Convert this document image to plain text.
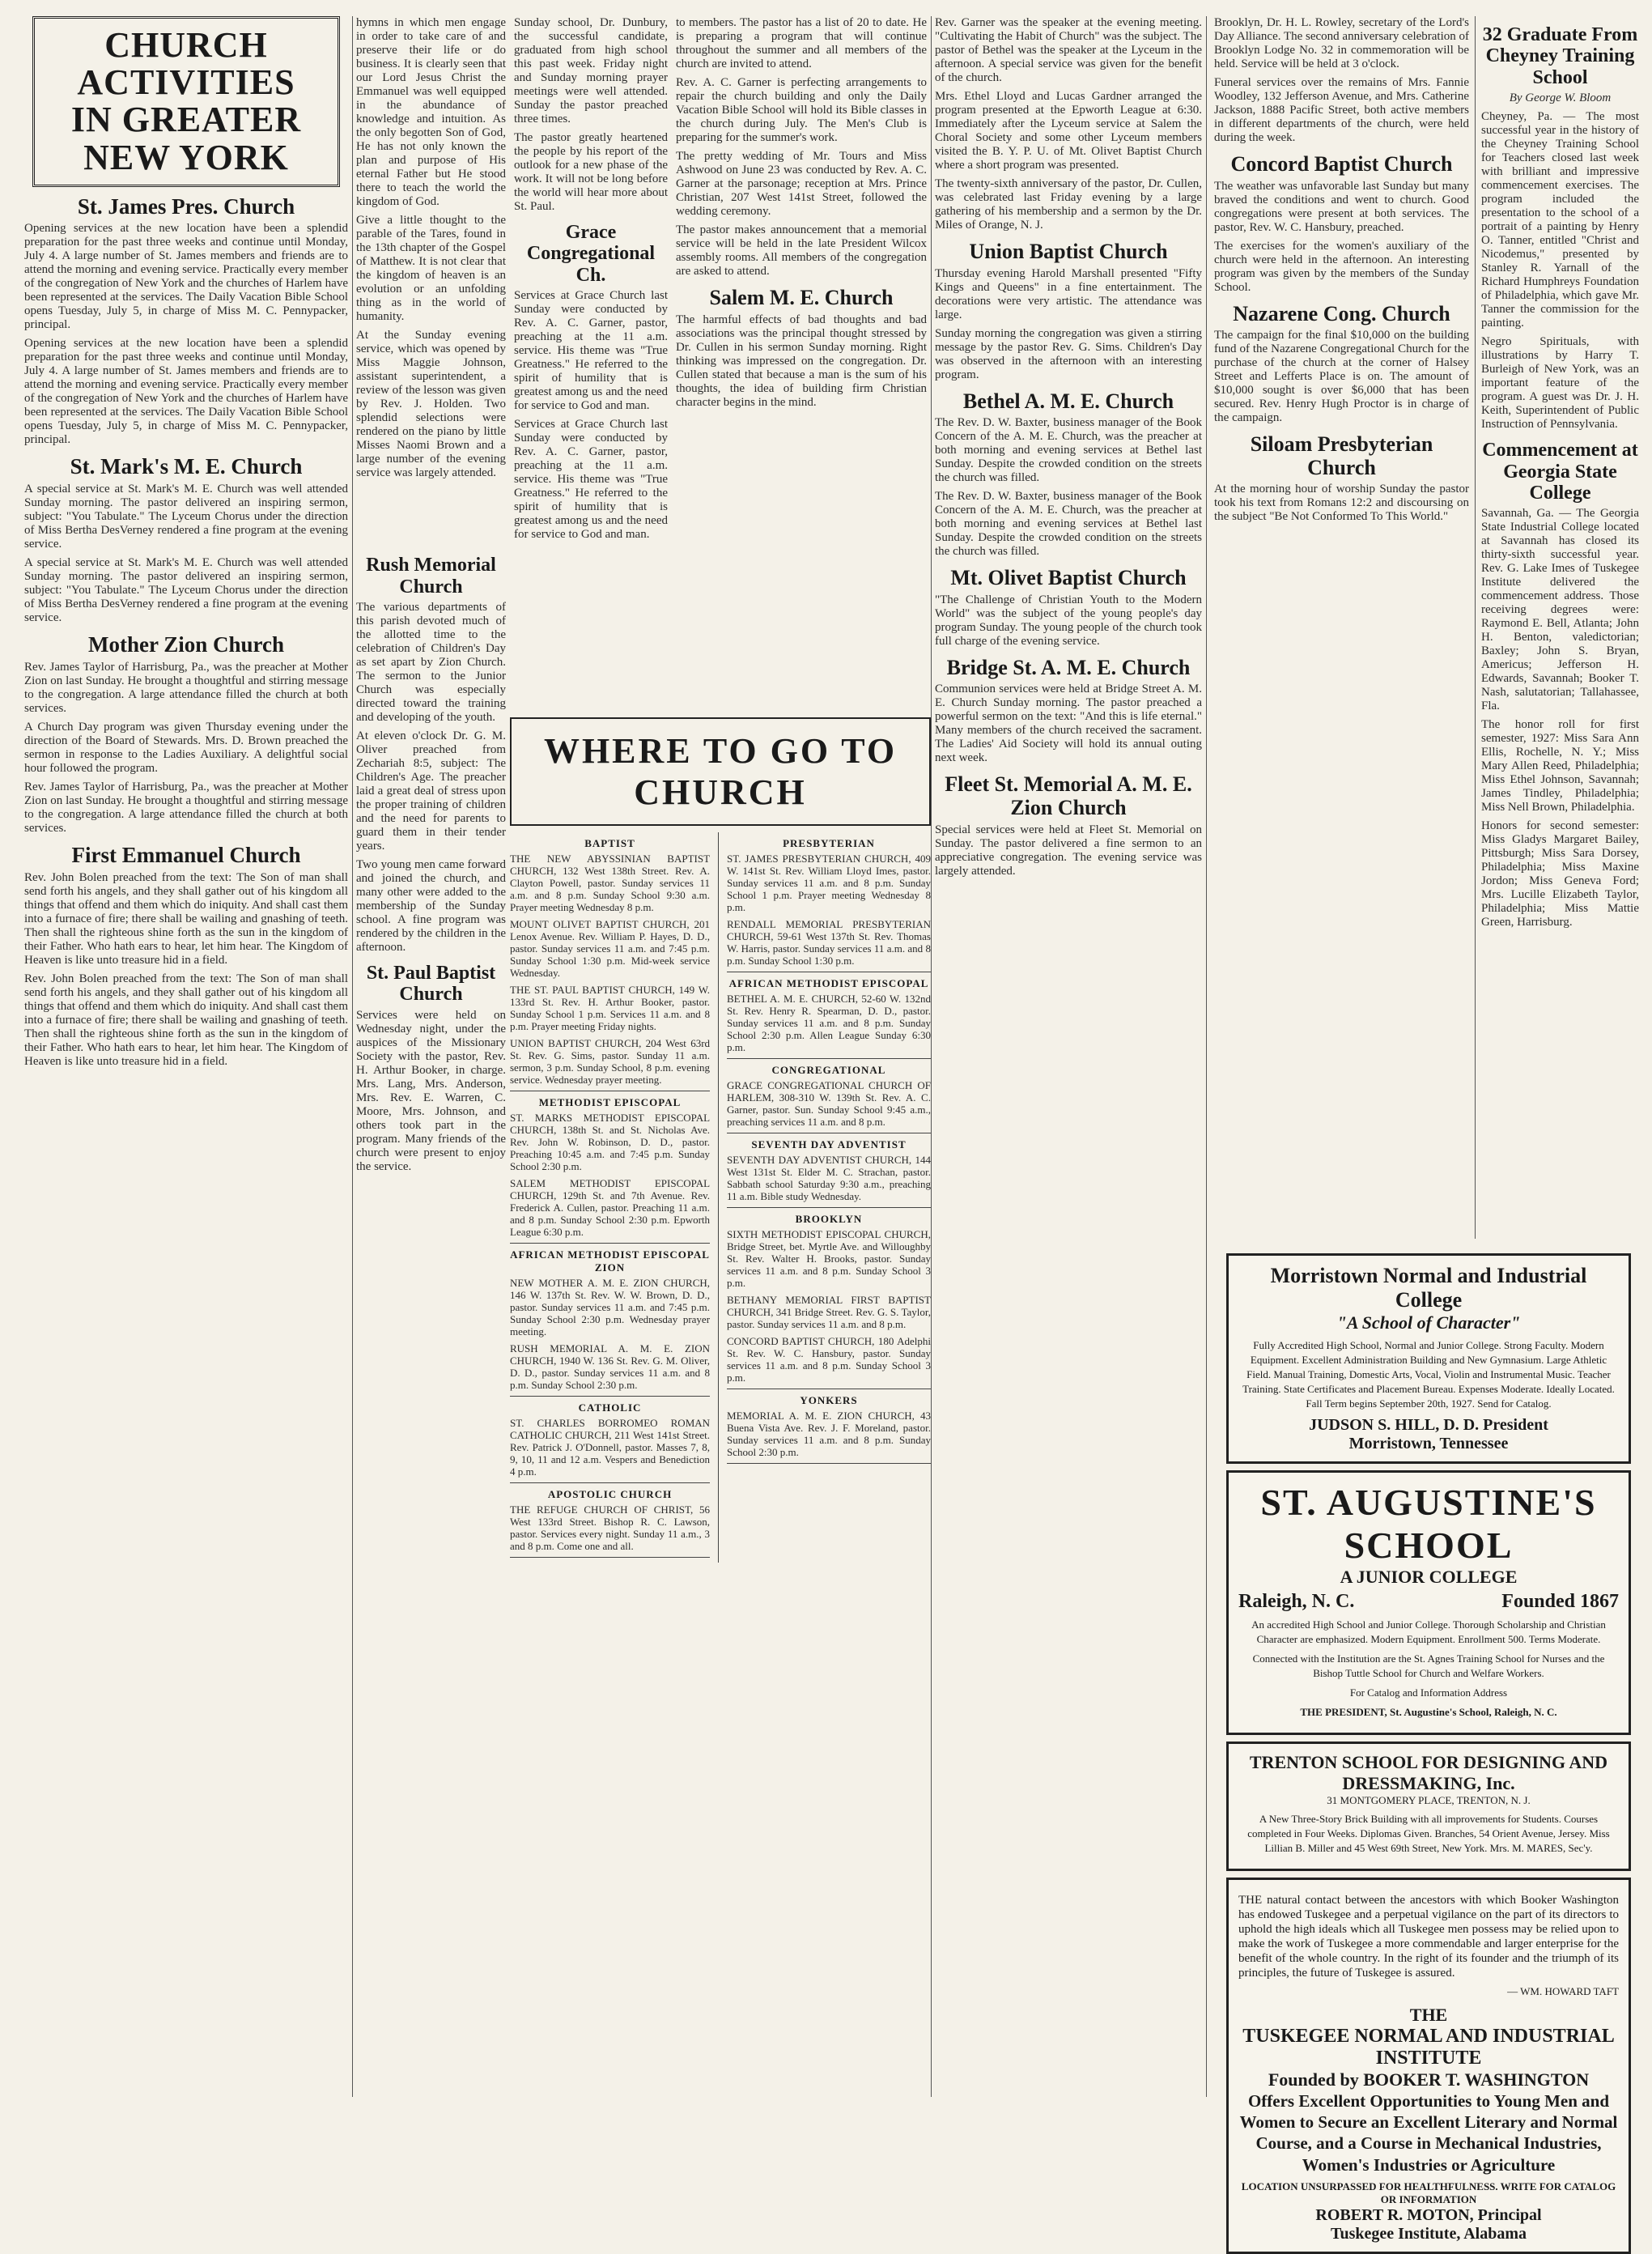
CHURCH ACTIVITIES
IN GREATER NEW YORK
St. James Pres. Church

Opening services at the new location have been a splendid preparation for the past three weeks and continue until Monday, July 4. A large number of St. James members and friends are to attend the morning and evening service. Practically every member of the congregation of New York and the churches of Harlem have been represented at the services. The Daily Vacation Bible School opens Tuesday, July 5, in charge of Miss M. C. Pennypacker, principal.

Opening services at the new location have been a splendid preparation for the past three weeks and continue until Monday, July 4. A large number of St. James members and friends are to attend the morning and evening service. Practically every member of the congregation of New York and the churches of Harlem have been represented at the services. The Daily Vacation Bible School opens Tuesday, July 5, in charge of Miss M. C. Pennypacker, principal.

St. Mark's M. E. Church

A special service at St. Mark's M. E. Church was well attended Sunday morning. The pastor delivered an inspiring sermon, subject: "You Tabulate." The Lyceum Chorus under the direction of Miss Bertha DesVerney rendered a fine program at the evening service.

A special service at St. Mark's M. E. Church was well attended Sunday morning. The pastor delivered an inspiring sermon, subject: "You Tabulate." The Lyceum Chorus under the direction of Miss Bertha DesVerney rendered a fine program at the evening service.

Mother Zion Church

Rev. James Taylor of Harrisburg, Pa., was the preacher at Mother Zion on last Sunday. He brought a thoughtful and stirring message to the congregation. A large attendance filled the church at both services.

A Church Day program was given Thursday evening under the direction of the Board of Stewards. Mrs. D. Brown preached the sermon in response to the Ladies Auxiliary. A delightful social hour followed the program.

Rev. James Taylor of Harrisburg, Pa., was the preacher at Mother Zion on last Sunday. He brought a thoughtful and stirring message to the congregation. A large attendance filled the church at both services.

First Emmanuel Church

Rev. John Bolen preached from the text: The Son of man shall send forth his angels, and they shall gather out of his kingdom all things that offend and them which do iniquity. And shall cast them into a furnace of fire; there shall be wailing and gnashing of teeth. Then shall the righteous shine forth as the sun in the kingdom of their Father. Who hath ears to hear, let him hear. The Kingdom of Heaven is like unto treasure hid in a field.

Rev. John Bolen preached from the text: The Son of man shall send forth his angels, and they shall gather out of his kingdom all things that offend and them which do iniquity. And shall cast them into a furnace of fire; there shall be wailing and gnashing of teeth. Then shall the righteous shine forth as the sun in the kingdom of their Father. Who hath ears to hear, let him hear. The Kingdom of Heaven is like unto treasure hid in a field.

hymns in which men engage in order to take care of and preserve their life or do business. It is clearly seen that our Lord Jesus Christ the Emmanuel was well equipped in the abundance of knowledge and intuition. As the only begotten Son of God, He has not only known the plan and purpose of His eternal Father but He stood there to teach the world the kingdom of God.

Give a little thought to the parable of the Tares, found in the 13th chapter of the Gospel of Matthew. It is not clear that the kingdom of heaven is an evolution or an unfolding thing as in the world of humanity.

At the Sunday evening service, which was opened by Miss Maggie Johnson, assistant superintendent, a review of the lesson was given by Rev. J. Holden. Two splendid selections were rendered on the piano by little Misses Naomi Brown and a large number of the evening service was largely attended.

Sunday school, Dr. Dunbury, the successful candidate, graduated from high school this past week. Friday night and Sunday morning prayer meetings were well attended. Sunday the pastor preached three times.

The pastor greatly heartened the people by his report of the outlook for a new phase of the work. It will not be long before the world will hear more about St. Paul.

Grace Congregational Ch.

Services at Grace Church last Sunday were conducted by Rev. A. C. Garner, pastor, preaching at the 11 a.m. service. His theme was "True Greatness." He referred to the spirit of humility that is greatest among us and the need for service to God and man.

Services at Grace Church last Sunday were conducted by Rev. A. C. Garner, pastor, preaching at the 11 a.m. service. His theme was "True Greatness." He referred to the spirit of humility that is greatest among us and the need for service to God and man.

Rush Memorial Church

The various departments of this parish devoted much of the allotted time to the celebration of Children's Day as set apart by Zion Church. The sermon to the Junior Church was especially directed toward the training and developing of the youth.

At eleven o'clock Dr. G. M. Oliver preached from Zechariah 8:5, subject: The Children's Age. The preacher laid a great deal of stress upon the proper training of children and the need for parents to guard them in their tender years.

Two young men came forward and joined the church, and many other were added to the membership of the Sunday school. A fine program was rendered by the children in the afternoon.

St. Paul Baptist Church

Services were held on Wednesday night, under the auspices of the Missionary Society with the pastor, Rev. H. Arthur Booker, in charge. Mrs. Lang, Mrs. Anderson, Mrs. Rev. E. Warren, C. Moore, Mrs. Johnson, and others took part in the program. Many friends of the church were present to enjoy the service.

WHERE TO GO TO CHURCH
BAPTIST

THE NEW ABYSSINIAN BAPTIST CHURCH, 132 West 138th Street. Rev. A. Clayton Powell, pastor. Sunday services 11 a.m. and 8 p.m. Sunday School 9:30 a.m. Prayer meeting Wednesday 8 p.m.

MOUNT OLIVET BAPTIST CHURCH, 201 Lenox Avenue. Rev. William P. Hayes, D. D., pastor. Sunday services 11 a.m. and 7:45 p.m. Sunday School 1:30 p.m. Mid-week service Wednesday.

THE ST. PAUL BAPTIST CHURCH, 149 W. 133rd St. Rev. H. Arthur Booker, pastor. Sunday School 1 p.m. Services 11 a.m. and 8 p.m. Prayer meeting Friday nights.

UNION BAPTIST CHURCH, 204 West 63rd St. Rev. G. Sims, pastor. Sunday 11 a.m. sermon, 3 p.m. Sunday School, 8 p.m. evening service. Wednesday prayer meeting.

METHODIST EPISCOPAL

ST. MARKS METHODIST EPISCOPAL CHURCH, 138th St. and St. Nicholas Ave. Rev. John W. Robinson, D. D., pastor. Preaching 10:45 a.m. and 7:45 p.m. Sunday School 2:30 p.m.

SALEM METHODIST EPISCOPAL CHURCH, 129th St. and 7th Avenue. Rev. Frederick A. Cullen, pastor. Preaching 11 a.m. and 8 p.m. Sunday School 2:30 p.m. Epworth League 6:30 p.m.

AFRICAN METHODIST EPISCOPAL ZION

NEW MOTHER A. M. E. ZION CHURCH, 146 W. 137th St. Rev. W. W. Brown, D. D., pastor. Sunday services 11 a.m. and 7:45 p.m. Sunday School 2:30 p.m. Wednesday prayer meeting.

RUSH MEMORIAL A. M. E. ZION CHURCH, 1940 W. 136 St. Rev. G. M. Oliver, D. D., pastor. Sunday services 11 a.m. and 8 p.m. Sunday School 2:30 p.m.

CATHOLIC

ST. CHARLES BORROMEO ROMAN CATHOLIC CHURCH, 211 West 141st Street. Rev. Patrick J. O'Donnell, pastor. Masses 7, 8, 9, 10, 11 and 12 a.m. Vespers and Benediction 4 p.m.

APOSTOLIC CHURCH

THE REFUGE CHURCH OF CHRIST, 56 West 133rd Street. Bishop R. C. Lawson, pastor. Services every night. Sunday 11 a.m., 3 and 8 p.m. Come one and all.

PRESBYTERIAN

ST. JAMES PRESBYTERIAN CHURCH, 409 W. 141st St. Rev. William Lloyd Imes, pastor. Sunday services 11 a.m. and 8 p.m. Sunday School 1 p.m. Prayer meeting Wednesday 8 p.m.

RENDALL MEMORIAL PRESBYTERIAN CHURCH, 59-61 West 137th St. Rev. Thomas W. Harris, pastor. Sunday services 11 a.m. and 8 p.m. Sunday School 1:30 p.m.

AFRICAN METHODIST EPISCOPAL

BETHEL A. M. E. CHURCH, 52-60 W. 132nd St. Rev. Henry R. Spearman, D. D., pastor. Sunday services 11 a.m. and 8 p.m. Sunday School 2:30 p.m. Allen League Sunday 6:30 p.m.

CONGREGATIONAL

GRACE CONGREGATIONAL CHURCH OF HARLEM, 308-310 W. 139th St. Rev. A. C. Garner, pastor. Sun. Sunday School 9:45 a.m., preaching services 11 a.m. and 8 p.m.

SEVENTH DAY ADVENTIST

SEVENTH DAY ADVENTIST CHURCH, 144 West 131st St. Elder M. C. Strachan, pastor. Sabbath school Saturday 9:30 a.m., preaching 11 a.m. Bible study Wednesday.

BROOKLYN

SIXTH METHODIST EPISCOPAL CHURCH, Bridge Street, bet. Myrtle Ave. and Willoughby St. Rev. Walter H. Brooks, pastor. Sunday services 11 a.m. and 8 p.m. Sunday School 3 p.m.

BETHANY MEMORIAL FIRST BAPTIST CHURCH, 341 Bridge Street. Rev. G. S. Taylor, pastor. Sunday services 11 a.m. and 8 p.m.

CONCORD BAPTIST CHURCH, 180 Adelphi St. Rev. W. C. Hansbury, pastor. Sunday services 11 a.m. and 8 p.m. Sunday School 3 p.m.

YONKERS

MEMORIAL A. M. E. ZION CHURCH, 43 Buena Vista Ave. Rev. J. F. Moreland, pastor. Sunday services 11 a.m. and 8 p.m. Sunday School 2:30 p.m.

to members. The pastor has a list of 20 to date. He is preparing a program that will continue throughout the summer and all members of the church are invited to attend.

Rev. A. C. Garner is perfecting arrangements to repair the church building and only the Daily Vacation Bible School will hold its Bible classes in the church during July. The Men's Club is preparing for the summer's work.

The pretty wedding of Mr. Tours and Miss Ashwood on June 23 was conducted by Rev. A. C. Garner at the parsonage; reception at Mrs. Prince Christian, 207 West 141st Street, followed the wedding ceremony.

The pastor makes announcement that a memorial service will be held in the late President Wilcox assembly rooms. All members of the congregation are asked to attend.

Salem M. E. Church

The harmful effects of bad thoughts and bad associations was the principal thought stressed by Dr. Cullen in his sermon Sunday morning. Right thinking was impressed on the congregation. Dr. Cullen stated that because a man is the sum of his thoughts, the idea of building firm Christian character begins in the mind.

Rev. Garner was the speaker at the evening meeting. "Cultivating the Habit of Church" was the subject. The pastor of Bethel was the speaker at the Lyceum in the afternoon. A special service was given for the benefit of the church.

Mrs. Ethel Lloyd and Lucas Gardner arranged the program presented at the Epworth League at 6:30. Immediately after the Lyceum service at Salem the Choral Society and some other Lyceum members visited the B. Y. P. U. of Mt. Olivet Baptist Church where a short program was presented.

The twenty-sixth anniversary of the pastor, Dr. Cullen, was celebrated last Friday evening by a large gathering of his membership and a sermon by the Dr. Miles of Orange, N. J.

Union Baptist Church

Thursday evening Harold Marshall presented "Fifty Kings and Queens" in a fine entertainment. The decorations were very artistic. The attendance was large.

Sunday morning the congregation was given a stirring message by the pastor Rev. G. Sims. Children's Day was observed in the afternoon with an interesting program.

Bethel A. M. E. Church

The Rev. D. W. Baxter, business manager of the Book Concern of the A. M. E. Church, was the preacher at both morning and evening services at Bethel last Sunday. Despite the crowded condition on the streets the church was filled.

The Rev. D. W. Baxter, business manager of the Book Concern of the A. M. E. Church, was the preacher at both morning and evening services at Bethel last Sunday. Despite the crowded condition on the streets the church was filled.

Mt. Olivet Baptist Church

"The Challenge of Christian Youth to the Modern World" was the subject of the young people's day program Sunday. The young people of the church took full charge of the evening service.

Bridge St. A. M. E. Church

Communion services were held at Bridge Street A. M. E. Church Sunday morning. The pastor preached a powerful sermon on the text: "And this is life eternal." Many members of the church received the sacrament. The Ladies' Aid Society will hold its annual outing next week.

Fleet St. Memorial A. M. E. Zion Church

Special services were held at Fleet St. Memorial on Sunday. The pastor delivered a fine sermon to an appreciative congregation. The evening service was largely attended.

Brooklyn, Dr. H. L. Rowley, secretary of the Lord's Day Alliance. The second anniversary celebration of Brooklyn Lodge No. 32 in commemoration will be held. Service will be held at 3 o'clock.

Funeral services over the remains of Mrs. Fannie Woodley, 132 Jefferson Avenue, and Mrs. Catherine Jackson, 1888 Pacific Street, both active members in different departments of the church, were held during the week.

Concord Baptist Church

The weather was unfavorable last Sunday but many braved the conditions and went to church. Good congregations were present at both services. The pastor, Rev. W. C. Hansbury, preached.

The exercises for the women's auxiliary of the church were held in the afternoon. An interesting program was given by the members of the Sunday School.

Nazarene Cong. Church

The campaign for the final $10,000 on the building fund of the Nazarene Congregational Church for the purchase of the church at the corner of Halsey Street and Lefferts Place is on. The amount of $10,000 sought is over $6,000 that has been secured. Rev. Henry Hugh Proctor is in charge of the campaign.

Siloam Presbyterian Church

At the morning hour of worship Sunday the pastor took his text from Romans 12:2 and discoursing on the subject "Be Not Conformed To This World."

32 Graduate From Cheyney Training School

By George W. Bloom

Cheyney, Pa. — The most successful year in the history of the Cheyney Training School for Teachers closed last week with brilliant and impressive commencement exercises. The program included the presentation to the school of a portrait of a painting by Henry O. Tanner, entitled "Christ and Nicodemus," presented by Stanley R. Yarnall of the Richard Humphreys Foundation of Philadelphia, which gave Mr. Tanner the commission for the painting.

Negro Spirituals, with illustrations by Harry T. Burleigh of New York, was an important feature of the program. A guest was Dr. J. H. Keith, Superintendent of Public Instruction of Pennsylvania.

Commencement at Georgia State College

Savannah, Ga. — The Georgia State Industrial College located at Savannah has closed its thirty-sixth successful year. Rev. G. Lake Imes of Tuskegee Institute delivered the commencement address. Those receiving degrees were: Raymond E. Bell, Atlanta; John H. Benton, valedictorian; Baxley; John S. Bryan, Americus; Jefferson H. Edwards, Savannah; Booker T. Nash, salutatorian; Tallahassee, Fla.

The honor roll for first semester, 1927: Miss Sara Ann Ellis, Rochelle, N. Y.; Miss Mary Allen Reed, Philadelphia; Miss Ethel Johnson, Savannah; James Tindley, Philadelphia; Miss Nell Brown, Philadelphia.

Honors for second semester: Miss Gladys Margaret Bailey, Pittsburgh; Miss Sara Dorsey, Philadelphia; Miss Maxine Jordon; Miss Geneva Ford; Mrs. Lucille Elizabeth Taylor, Philadelphia; Miss Mattie Green, Harrisburg.

Morristown Normal and Industrial College
"A School of Character"

Fully Accredited High School, Normal and Junior College. Strong Faculty. Modern Equipment. Excellent Administration Building and New Gymnasium. Large Athletic Field. Manual Training, Domestic Arts, Vocal, Violin and Instrumental Music. Teacher Training. State Certificates and Placement Bureau. Expenses Moderate. Ideally Located. Fall Term begins September 20th, 1927. Send for Catalog.

JUDSON S. HILL, D. D. President
Morristown, Tennessee
ST. AUGUSTINE'S SCHOOL
A JUNIOR COLLEGE
Raleigh, N. C.	Founded 1867

An accredited High School and Junior College. Thorough Scholarship and Christian Character are emphasized. Modern Equipment. Enrollment 500. Terms Moderate.

Connected with the Institution are the St. Agnes Training School for Nurses and the Bishop Tuttle School for Church and Welfare Workers.

For Catalog and Information Address

THE PRESIDENT, St. Augustine's School, Raleigh, N. C.

TRENTON SCHOOL FOR DESIGNING AND DRESSMAKING, Inc.
31 MONTGOMERY PLACE, TRENTON, N. J.

A New Three-Story Brick Building with all improvements for Students. Courses completed in Four Weeks. Diplomas Given. Branches, 54 Orient Avenue, Jersey. Miss Lillian B. Miller and 45 West 69th Street, New York. Mrs. M. MARES, Sec'y.

THE natural contact between the ancestors with which Booker Washington has endowed Tuskegee and a perpetual vigilance on the part of its directors to uphold the high ideals which all Tuskegee men possess may be relied upon to make the work of Tuskegee a more commendable and larger enterprise for the benefit of the whole country. In the right of its founder and the triumph of its principles, the future of Tuskegee is assured.

— WM. HOWARD TAFT
THE
TUSKEGEE NORMAL AND INDUSTRIAL INSTITUTE
Founded by BOOKER T. WASHINGTON
Offers Excellent Opportunities to Young Men and Women to Secure an Excellent Literary and Normal Course, and a Course in Mechanical Industries, Women's Industries or Agriculture
LOCATION UNSURPASSED FOR HEALTHFULNESS. WRITE FOR CATALOG OR INFORMATION
ROBERT R. MOTON, Principal
Tuskegee Institute, Alabama
